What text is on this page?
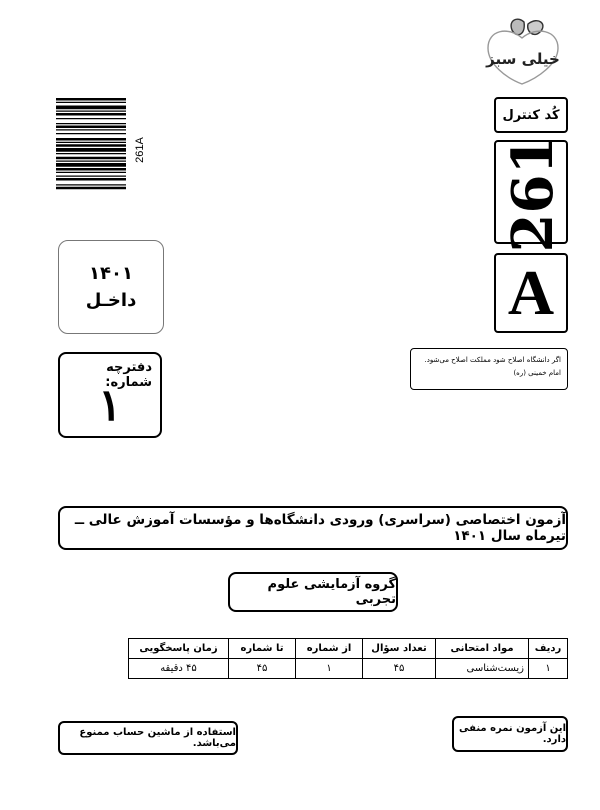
خیلی سبز
261A
کُد کنترل
261
A
۱۴۰۱
داخـل
دفترچه شماره:
۱
اگر دانشگاه اصلاح شود مملکت اصلاح می‌شود.
امام خمینی (ره)
آزمون اختصاصی (سراسری) ورودی دانشگاه‌ها و مؤسسات آموزش عالی ــ تیرماه سال ۱۴۰۱
گروه آزمایشی علوم تجربی
ردیف	مواد امتحانی	تعداد سؤال	از شماره	تا شماره	زمان پاسخگویی
۱	زیست‌شناسی	۴۵	۱	۴۵	۴۵ دقیقه
این آزمون نمره منفی دارد.
استفاده از ماشین حساب ممنوع می‌باشد.
